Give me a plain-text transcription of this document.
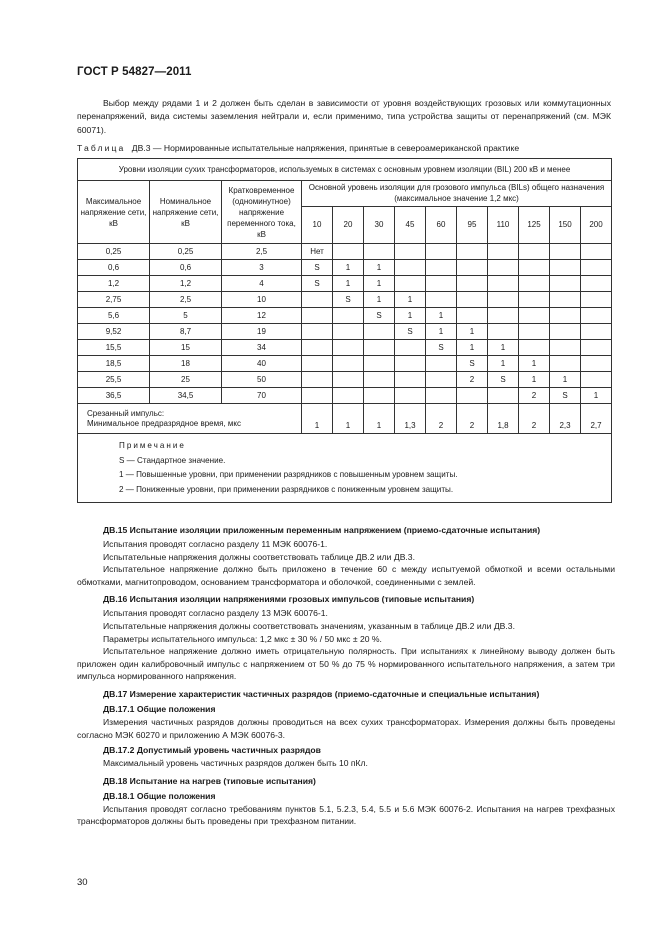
ГОСТ Р 54827—2011

Выбор между рядами 1 и 2 должен быть сделан в зависимости от уровня воздействующих грозовых или коммутационных перенапряжений, вида системы заземления нейтрали и, если применимо, типа устройства защиты от перенапряжений (см. МЭК 60071).

Таблица ДВ.3 — Нормированные испытательные напряжения, принятые в североамериканской практике
Уровни изоляции сухих трансформаторов, используемых в системах с основным уровнем изоляции (BIL) 200 кВ и менее												
Максимальное напряжение сети, кВ	Номинальное напряжение сети, кВ	Кратковременное (одноминутное) напряжение переменного тока, кВ	Основной уровень изоляции для грозового импульса (BILs) общего назначения (максимальное значение 1,2 мкс)									
			10	20	30	45	60	95	110	125	150	200
0,25	0,25	2,5	Нет									
0,6	0,6	3	S	1	1							
1,2	1,2	4	S	1	1							
2,75	2,5	10		S	1	1						
5,6	5	12			S	1	1					
9,52	8,7	19				S	1	1				
15,5	15	34					S	1	1			
18,5	18	40						S	1	1		
25,5	25	50						2	S	1	1	
36,5	34,5	70								2	S	1

Срезанный импульс:
Минимальное предразрядное время, мкс			1	1	1	1,3	2	2	1,8	2	2,3	2,7

Примечание
S — Стандартное значение.
1 — Повышенные уровни, при применении разрядников с повышенным уровнем защиты.
2 — Пониженные уровни, при применении разрядников с пониженным уровнем защиты.												
ДВ.15 Испытание изоляции приложенным переменным напряжением (приемо-сдаточные испытания)

Испытания проводят согласно разделу 11 МЭК 60076-1.

Испытательные напряжения должны соответствовать таблице ДВ.2 или ДВ.3.

Испытательное напряжение должно быть приложено в течение 60 с между испытуемой обмоткой и всеми остальными обмотками, магнитопроводом, основанием трансформатора и оболочкой, соединенными с землей.

ДВ.16 Испытания изоляции напряжениями грозовых импульсов (типовые испытания)

Испытания проводят согласно разделу 13 МЭК 60076-1.

Испытательные напряжения должны соответствовать значениям, указанным в таблице ДВ.2 или ДВ.3.

Параметры испытательного импульса: 1,2 мкс ± 30 % / 50 мкс ± 20 %.

Испытательное напряжение должно иметь отрицательную полярность. При испытаниях к линейному выводу должен быть приложен один калибровочный импульс с напряжением от 50 % до 75 % нормированного испытательного напряжения, а затем три импульса нормированного напряжения.

ДВ.17 Измерение характеристик частичных разрядов (приемо-сдаточные и специальные испытания)
ДВ.17.1 Общие положения

Измерения частичных разрядов должны проводиться на всех сухих трансформаторах. Измерения должны быть проведены согласно МЭК 60270 и приложению А МЭК 60076-3.

ДВ.17.2 Допустимый уровень частичных разрядов

Максимальный уровень частичных разрядов должен быть 10 пКл.

ДВ.18 Испытание на нагрев (типовые испытания)
ДВ.18.1 Общие положения

Испытания проводят согласно требованиям пунктов 5.1, 5.2.3, 5.4, 5.5 и 5.6 МЭК 60076-2. Испытания на нагрев трехфазных трансформаторов должны быть проведены при трехфазном питании.

30
